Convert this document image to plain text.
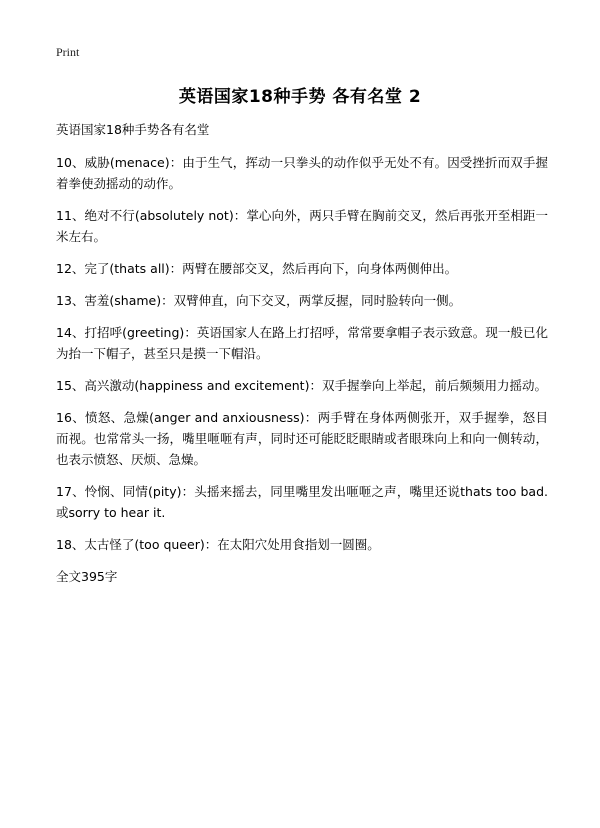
Print
英语国家18种手势 各有名堂 2

英语国家18种手势各有名堂

10、威胁(menace)：由于生气，挥动一只拳头的动作似乎无处不有。因受挫折而双手握着拳使劲摇动的动作。

11、绝对不行(absolutely not)：掌心向外，两只手臂在胸前交叉，然后再张开至相距一米左右。

12、完了(thats all)：两臂在腰部交叉，然后再向下，向身体两侧伸出。

13、害羞(shame)：双臂伸直，向下交叉，两掌反握，同时脸转向一侧。

14、打招呼(greeting)：英语国家人在路上打招呼，常常要拿帽子表示致意。现一般已化为抬一下帽子，甚至只是摸一下帽沿。

15、高兴激动(happiness and excitement)：双手握拳向上举起，前后频频用力摇动。

16、愤怒、急燥(anger and anxiousness)：两手臂在身体两侧张开，双手握拳，怒目而视。也常常头一扬，嘴里咂咂有声，同时还可能眨眨眼睛或者眼珠向上和向一侧转动，也表示愤怒、厌烦、急燥。

17、怜悯、同情(pity)：头摇来摇去，同里嘴里发出咂咂之声，嘴里还说thats too bad.或sorry to hear it.

18、太古怪了(too queer)：在太阳穴处用食指划一圆圈。

全文395字
